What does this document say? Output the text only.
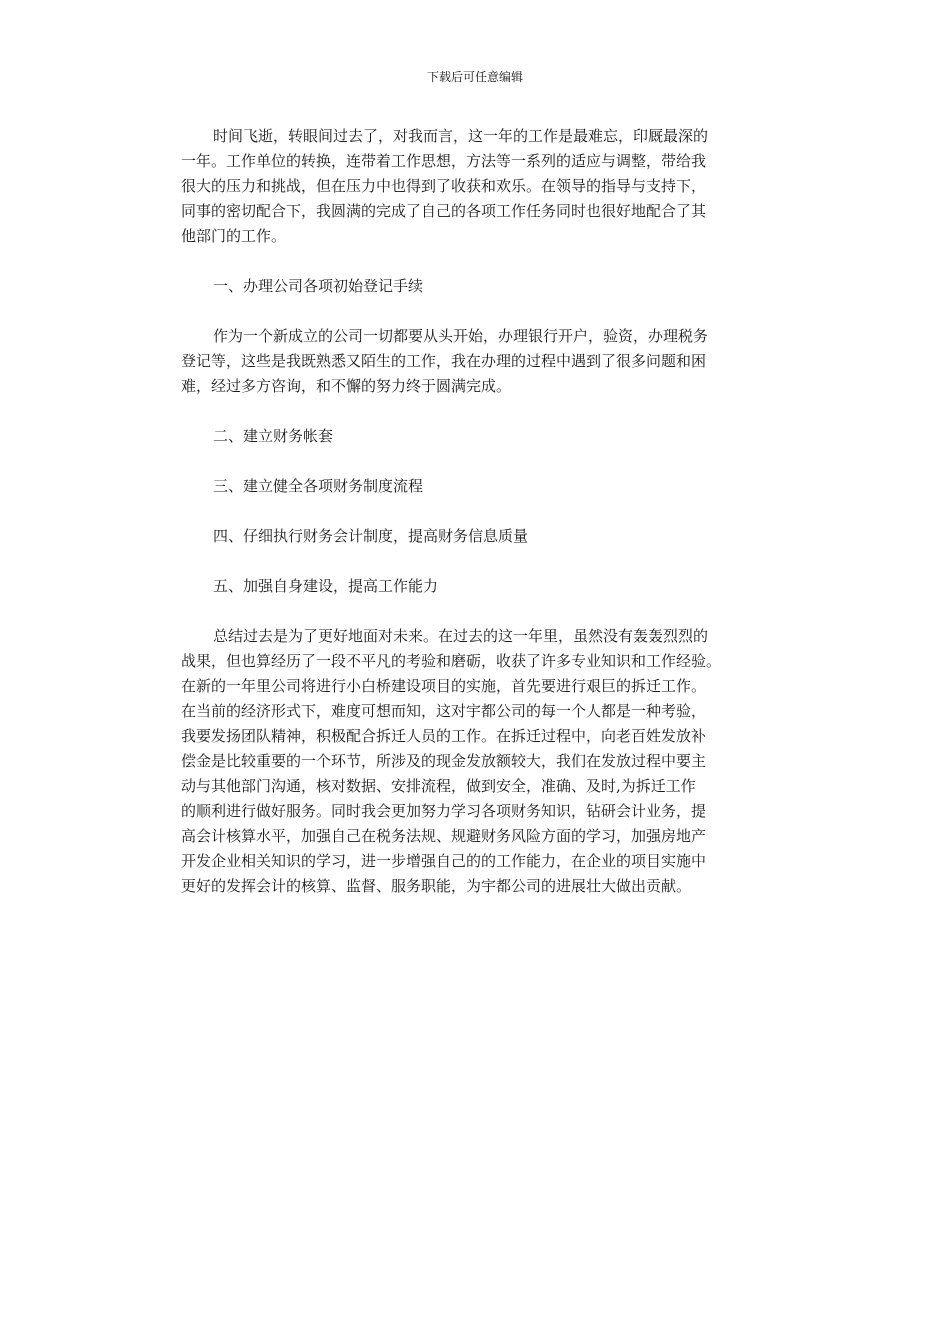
下载后可任意编辑
时间飞逝，转眼间过去了，对我而言，这一年的工作是最难忘，印厩最深的
一年。工作单位的转换，连带着工作思想，方法等一系列的适应与调整，带给我
很大的压力和挑战，但在压力中也得到了收获和欢乐。在领导的指导与支持下，
同事的密切配合下，我圆满的完成了自己的各项工作任务同时也很好地配合了其
他部门的工作。
一、办理公司各项初始登记手续
作为一个新成立的公司一切都要从头开始，办理银行开户，验资，办理税务
登记等，这些是我既熟悉又陌生的工作，我在办理的过程中遇到了很多问题和困
难，经过多方咨询，和不懈的努力终于圆满完成。
二、建立财务帐套
三、建立健全各项财务制度流程
四、仔细执行财务会计制度，提高财务信息质量
五、加强自身建设，提高工作能力
总结过去是为了更好地面对未来。在过去的这一年里，虽然没有轰轰烈烈的
战果，但也算经历了一段不平凡的考验和磨砺，收获了许多专业知识和工作经验。
在新的一年里公司将进行小白桥建设项目的实施，首先要进行艰巨的拆迁工作。
在当前的经济形式下，难度可想而知，这对宇都公司的每一个人都是一种考验，
我要发扬团队精神，积极配合拆迁人员的工作。在拆迁过程中，向老百姓发放补
偿金是比较重要的一个环节，所涉及的现金发放额较大，我们在发放过程中要主
动与其他部门沟通，核对数据、安排流程，做到安全，准确、及时,为拆迁工作
的顺利进行做好服务。同时我会更加努力学习各项财务知识，钻研会计业务，提
高会计核算水平，加强自己在税务法规、规避财务风险方面的学习，加强房地产
开发企业相关知识的学习，进一步增强自己的的工作能力，在企业的项目实施中
更好的发挥会计的核算、监督、服务职能，为宇都公司的进展壮大做出贡献。
